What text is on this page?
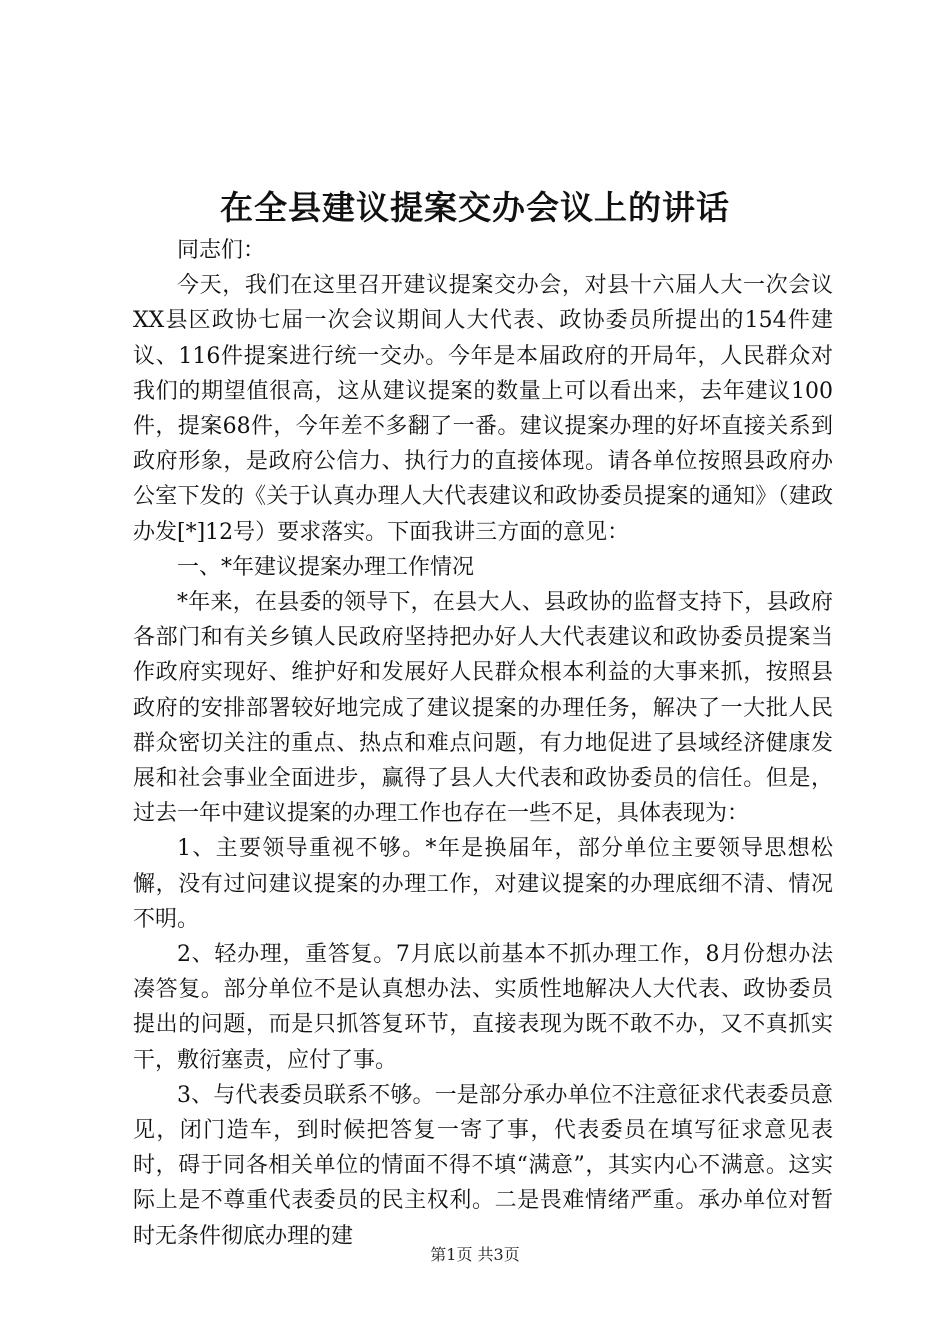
在全县建议提案交办会议上的讲话

同志们：

今天，我们在这里召开建议提案交办会，对县十六届人大一次会议XX县区政协七届一次会议期间人大代表、政协委员所提出的154件建议、116件提案进行统一交办。今年是本届政府的开局年，人民群众对我们的期望值很高，这从建议提案的数量上可以看出来，去年建议100件，提案68件，今年差不多翻了一番。建议提案办理的好坏直接关系到政府形象，是政府公信力、执行力的直接体现。请各单位按照县政府办公室下发的《关于认真办理人大代表建议和政协委员提案的通知》（建政办发[*]12号）要求落实。下面我讲三方面的意见：

一、*年建议提案办理工作情况

*年来，在县委的领导下，在县大人、县政协的监督支持下，县政府各部门和有关乡镇人民政府坚持把办好人大代表建议和政协委员提案当作政府实现好、维护好和发展好人民群众根本利益的大事来抓，按照县政府的安排部署较好地完成了建议提案的办理任务，解决了一大批人民群众密切关注的重点、热点和难点问题，有力地促进了县域经济健康发展和社会事业全面进步，赢得了县人大代表和政协委员的信任。但是，过去一年中建议提案的办理工作也存在一些不足，具体表现为：

1、主要领导重视不够。*年是换届年，部分单位主要领导思想松懈，没有过问建议提案的办理工作，对建议提案的办理底细不清、情况不明。

2、轻办理，重答复。7月底以前基本不抓办理工作，8月份想办法凑答复。部分单位不是认真想办法、实质性地解决人大代表、政协委员提出的问题，而是只抓答复环节，直接表现为既不敢不办，又不真抓实干，敷衍塞责，应付了事。

3、与代表委员联系不够。一是部分承办单位不注意征求代表委员意见，闭门造车，到时候把答复一寄了事，代表委员在填写征求意见表时，碍于同各相关单位的情面不得不填“满意”，其实内心不满意。这实际上是不尊重代表委员的民主权利。二是畏难情绪严重。承办单位对暂时无条件彻底办理的建

第1页 共3页
